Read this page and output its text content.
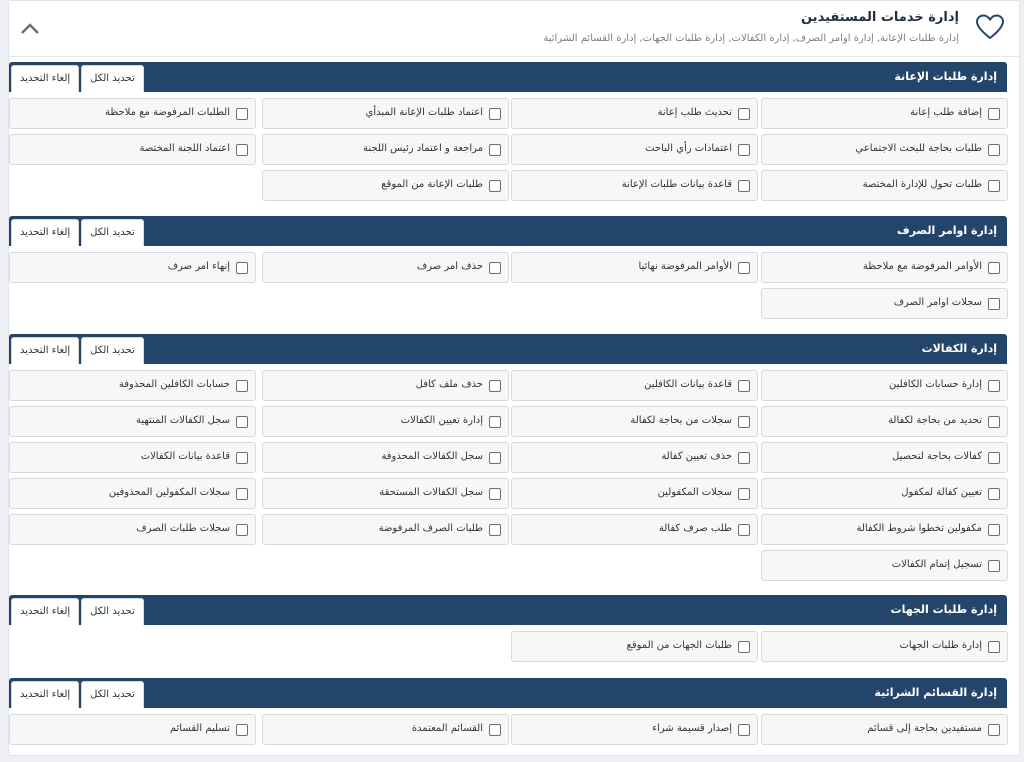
إدارة خدمات المستفيدين
إدارة طلبات الإعانة, إدارة اوامر الصرف, إدارة الكفالات, إدارة طلبات الجهات, إدارة القسائم الشرائية
إدارة طلبات الإعانة
إلغاء التحديد	تحديد الكل
إضافة طلب إعانة
تحديث طلب إعانة
اعتماد طلبات الإعانة المبدأي
الطلبات المرفوضة مع ملاحظة
طلبات بحاجة للبحث الاجتماعي
اعتمادات رأي الباحث
مراجعة و اعتماد رئيس اللجنة
اعتماد اللجنة المختصة
طلبات تحول للإدارة المختصة
قاعدة بيانات طلبات الإعانة
طلبات الإعانة من الموقع
إدارة اوامر الصرف
إلغاء التحديد	تحديد الكل
الأوامر المرفوضة مع ملاحظة
الأوامر المرفوضة نهائيا
حذف امر صرف
إنهاء امر صرف
سجلات اوامر الصرف
إدارة الكفالات
إلغاء التحديد	تحديد الكل
إدارة حسابات الكافلين
قاعدة بيانات الكافلين
حذف ملف كافل
حسابات الكافلين المحذوفة
تحديد من بحاجة لكفالة
سجلات من بحاجة لكفالة
إدارة تعيين الكفالات
سجل الكفالات المنتهية
كفالات بحاجة لتحصيل
حذف تعيين كفالة
سجل الكفالات المحذوفة
قاعدة بيانات الكفالات
تعيين كفالة لمكفول
سجلات المكفولين
سجل الكفالات المستحقة
سجلات المكفولين المحذوفين
مكفولين تخطوا شروط الكفالة
طلب صرف كفالة
طلبات الصرف المرفوضة
سجلات طلبات الصرف
تسجيل إتمام الكفالات
إدارة طلبات الجهات
إلغاء التحديد	تحديد الكل
إدارة طلبات الجهات
طلبات الجهات من الموقع
إدارة القسائم الشرائية
إلغاء التحديد	تحديد الكل
مستفيدين بحاجة إلى قسائم
إصدار قسيمة شراء
القسائم المعتمدة
تسليم القسائم
